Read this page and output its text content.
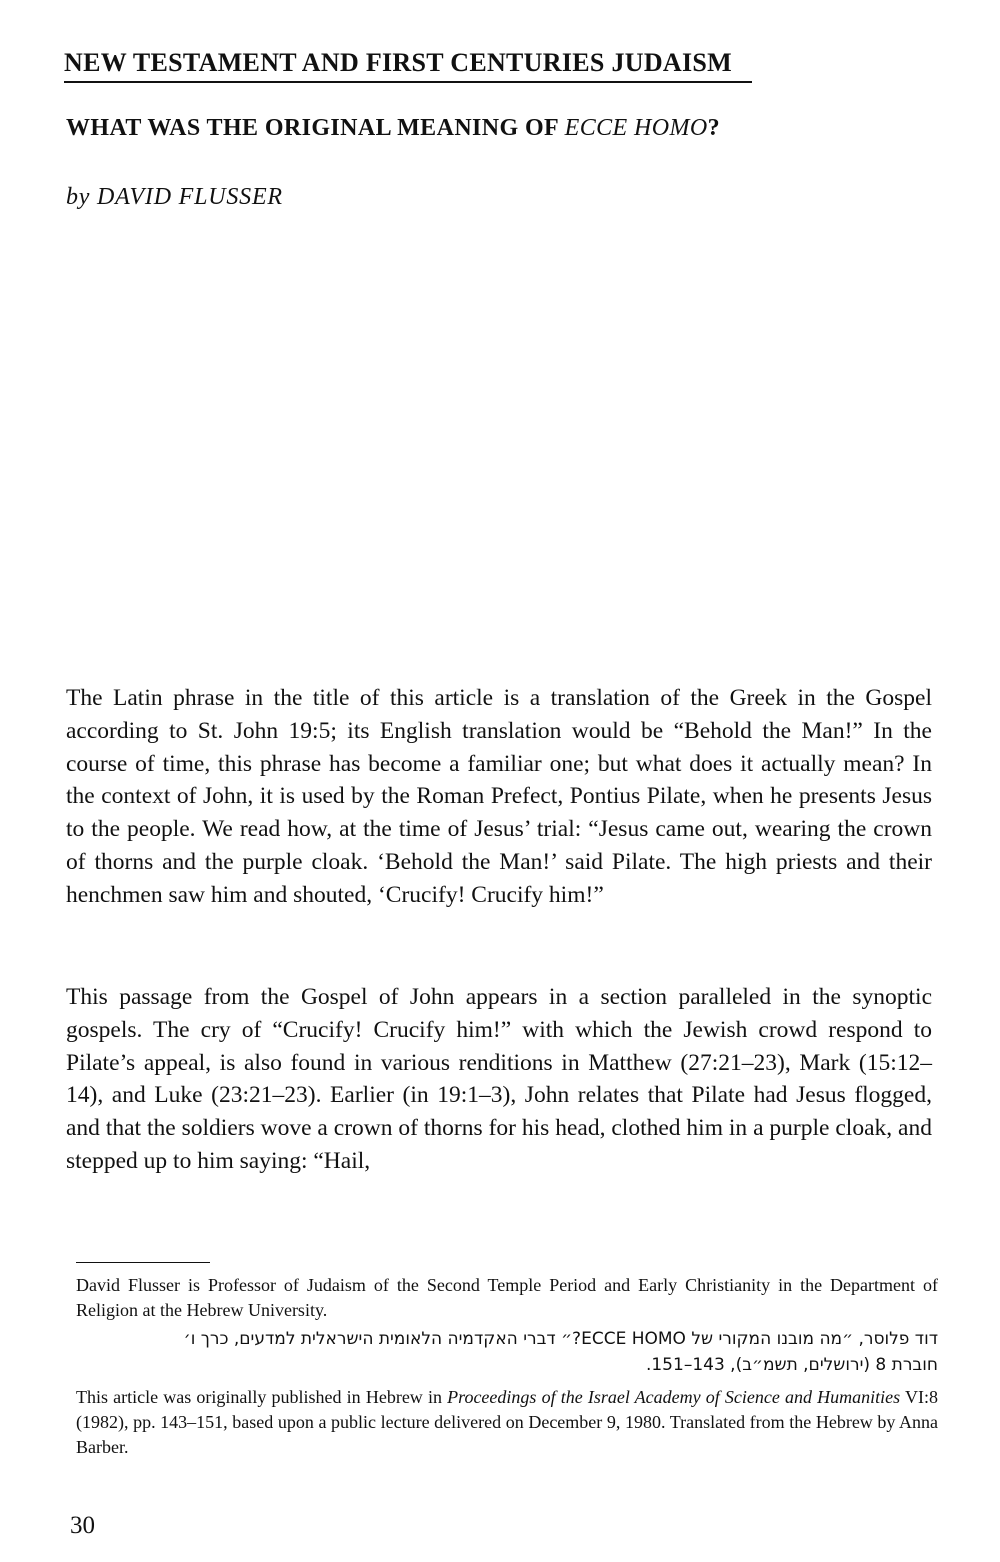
NEW TESTAMENT AND FIRST CENTURIES JUDAISM
WHAT WAS THE ORIGINAL MEANING OF ECCE HOMO?
by DAVID FLUSSER

The Latin phrase in the title of this article is a translation of the Greek in the Gospel according to St. John 19:5; its English translation would be “Behold the Man!” In the course of time, this phrase has become a familiar one; but what does it actually mean? In the context of John, it is used by the Roman Prefect, Pontius Pilate, when he presents Jesus to the people. We read how, at the time of Jesus’ trial: “Jesus came out, wearing the crown of thorns and the purple cloak. ‘Behold the Man!’ said Pilate. The high priests and their henchmen saw him and shouted, ‘Crucify! Crucify him!”

This passage from the Gospel of John appears in a section paralleled in the synoptic gospels. The cry of “Crucify! Crucify him!” with which the Jewish crowd respond to Pilate’s appeal, is also found in various renditions in Matthew (27:21–23), Mark (15:12–14), and Luke (23:21–23). Earlier (in 19:1–3), John relates that Pilate had Jesus flogged, and that the soldiers wove a crown of thorns for his head, clothed him in a purple cloak, and stepped up to him saying: “Hail,

David Flusser is Professor of Judaism of the Second Temple Period and Early Christianity in the Department of Religion at the Hebrew University.

דוד פלוסר, ״מה מובנו המקורי של ECCE HOMO?״ דברי האקדמיה הלאומית הישראלית למדעים, כרך ו׳

חוברת 8 (ירושלים, תשמ״ב), 143–151.

This article was originally published in Hebrew in Proceedings of the Israel Academy of Science and Humanities VI:8 (1982), pp. 143–151, based upon a public lecture delivered on December 9, 1980. Translated from the Hebrew by Anna Barber.

30
